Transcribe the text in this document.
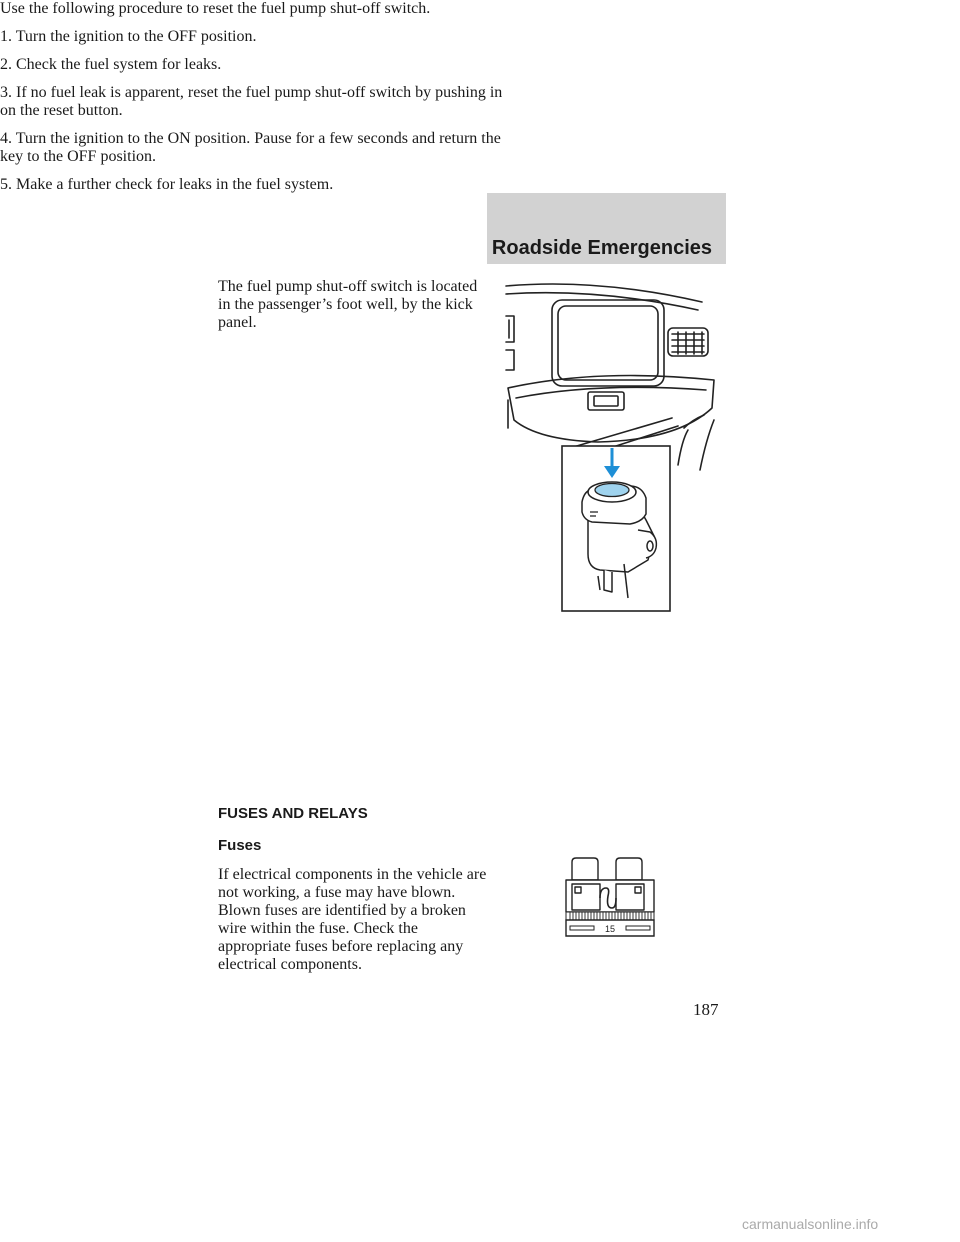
Roadside Emergencies

The fuel pump shut-off switch is located in the passenger’s foot well, by the kick panel.

Use the following procedure to reset the fuel pump shut-off switch.

1. Turn the ignition to the OFF position.

2. Check the fuel system for leaks.

3. If no fuel leak is apparent, reset the fuel pump shut-off switch by pushing in on the reset button.

4. Turn the ignition to the ON position. Pause for a few seconds and return the key to the OFF position.

5. Make a further check for leaks in the fuel system.

FUSES AND RELAYS
Fuses

If electrical components in the vehicle are not working, a fuse may have blown. Blown fuses are identified by a broken wire within the fuse. Check the appropriate fuses before replacing any electrical components.

15
187
carmanualsonline.info
